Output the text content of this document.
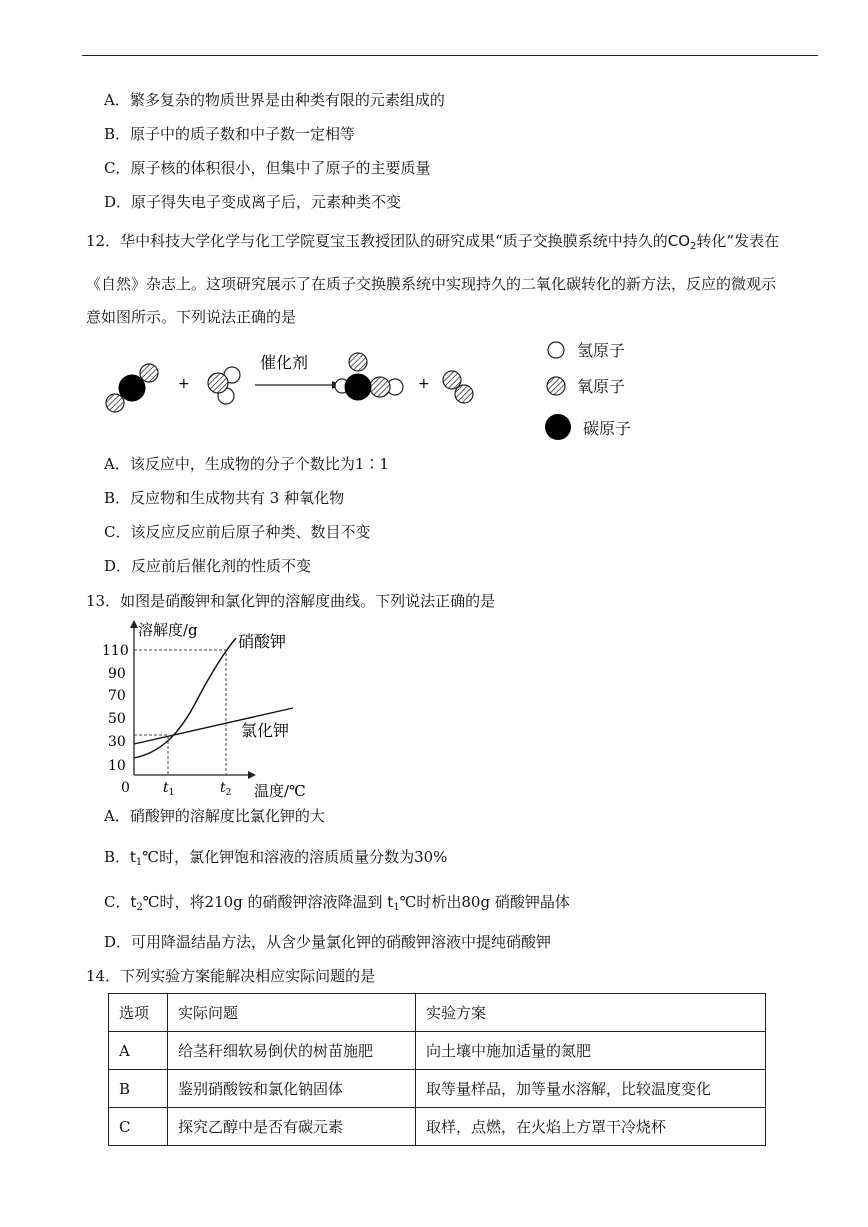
A．繁多复杂的物质世界是由种类有限的元素组成的
B．原子中的质子数和中子数一定相等
C．原子核的体积很小，但集中了原子的主要质量
D．原子得失电子变成离子后，元素种类不变
12．华中科技大学化学与化工学院夏宝玉教授团队的研究成果“质子交换膜系统中持久的$CO_2$转化”发表在
《自然》杂志上。这项研究展示了在质子交换膜系统中实现持久的二氧化碳转化的新方法，反应的微观示
意如图所示。下列说法正确的是
+
催化剂
+
氢原子
氧原子
碳原子
A．该反应中，生成物的分子个数比为1∶1
B．反应物和生成物共有 3 种氧化物
C．该反应反应前后原子种类、数目不变
D．反应前后催化剂的性质不变
13．如图是硝酸钾和氯化钾的溶解度曲线。下列说法正确的是
溶解度/g
温度/℃
0
10
30
50
70
90
110
$t_1$	$t_2$
硝酸钾
氯化钾
A．硝酸钾的溶解度比氯化钾的大
B．$t_1℃$时，氯化钾饱和溶液的溶质质量分数为30%
C．$t_2℃$时，将210g 的硝酸钾溶液降温到 $t_1℃$时析出80g 硝酸钾晶体
D．可用降温结晶方法，从含少量氯化钾的硝酸钾溶液中提纯硝酸钾
14．下列实验方案能解决相应实际问题的是
选项	实际问题	实验方案
A	给茎秆细软易倒伏的树苗施肥	向土壤中施加适量的氮肥
B	鉴别硝酸铵和氯化钠固体	取等量样品，加等量水溶解，比较温度变化
C	探究乙醇中是否有碳元素	取样，点燃，在火焰上方罩干冷烧杯
